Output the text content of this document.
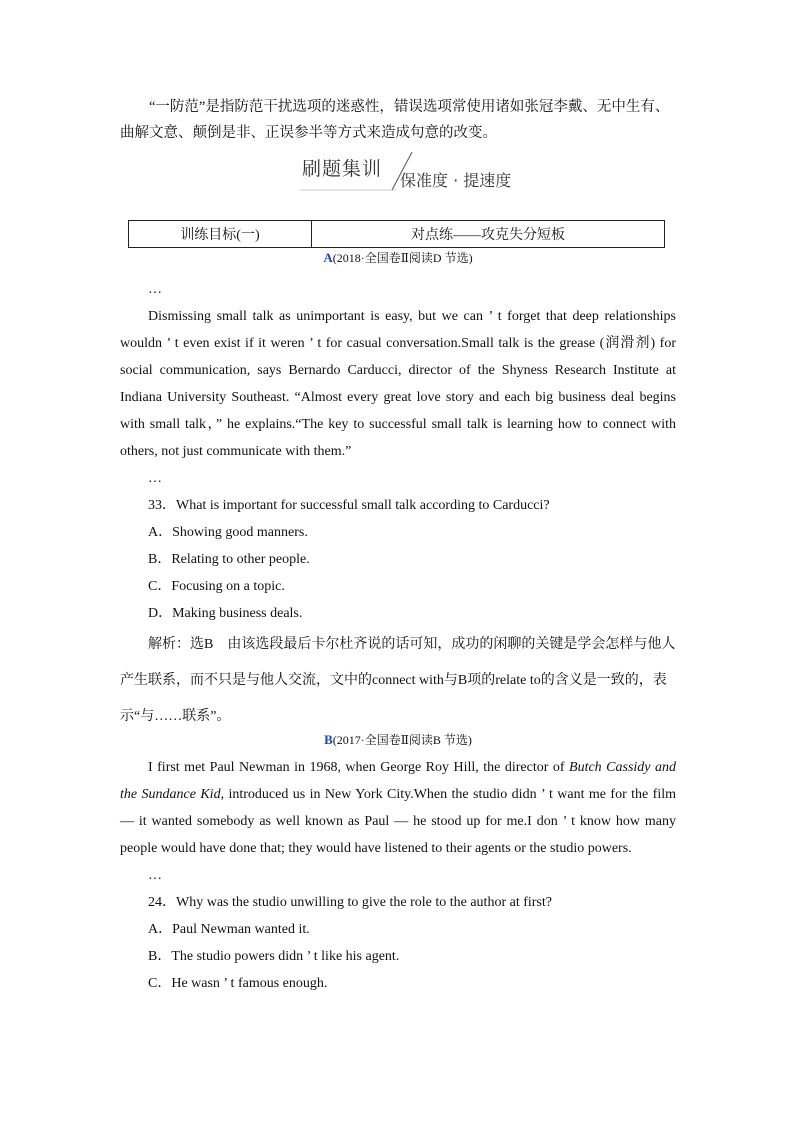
“一防范”是指防范干扰选项的迷惑性，错误选项常使用诸如张冠李戴、无中生有、曲解文意、颠倒是非、正误参半等方式来造成句意的改变。
刷题集训
保准度 · 提速度
训练目标(一)	对点练——攻克失分短板
A(2018·全国卷Ⅱ阅读D 节选)
…
Dismissing small talk as unimportant is easy, but we can ’ t forget that deep relationships wouldn ’ t even exist if it weren ’ t for casual conversation.Small talk is the grease (润滑剂) for social communication, says Bernardo Carducci, director of the Shyness Research Institute at Indiana University Southeast. “Almost every great love story and each big business deal begins with small talk，” he explains.“The key to successful small talk is learning how to connect with others, not just communicate with them.”
…
33．What is important for successful small talk according to Carducci?
A．Showing good manners.
B．Relating to other people.
C．Focusing on a topic.
D．Making business deals.
解析：选B　由该选段最后卡尔杜齐说的话可知，成功的闲聊的关键是学会怎样与他人产生联系，而不只是与他人交流，文中的connect with与B项的relate to的含义是一致的，表示“与……联系”。
B(2017·全国卷Ⅱ阅读B 节选)
I first met Paul Newman in 1968, when George Roy Hill, the director of Butch Cassidy and the Sundance Kid, introduced us in New York City.When the studio didn ’ t want me for the film — it wanted somebody as well known as Paul — he stood up for me.I don ’ t know how many people would have done that; they would have listened to their agents or the studio powers.
…
24．Why was the studio unwilling to give the role to the author at first?
A．Paul Newman wanted it.
B．The studio powers didn ’ t like his agent.
C．He wasn ’ t famous enough.
